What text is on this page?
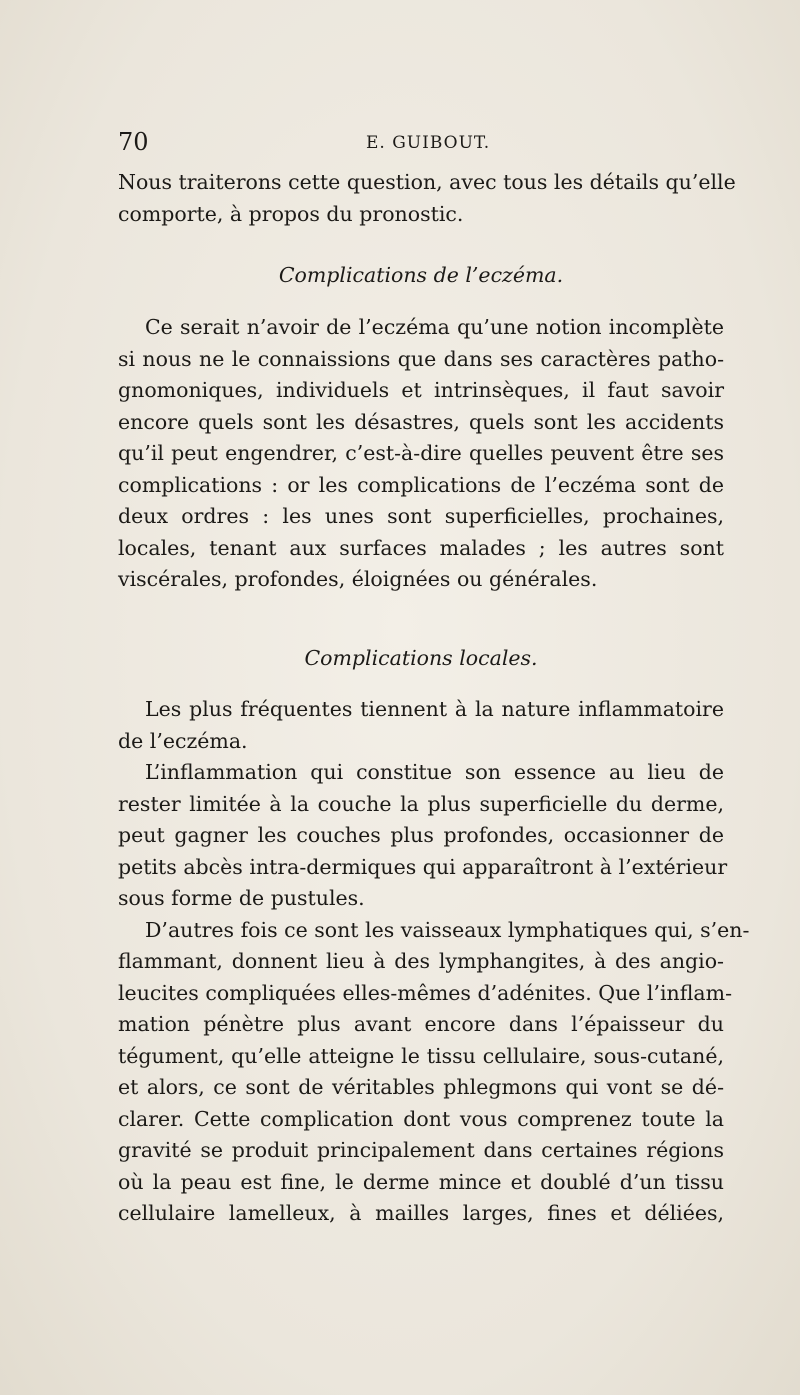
70	E. GUIBOUT.
Nous traiterons cette question, avec tous les détails qu’elle
comporte, à propos du pronostic.
Complications de l’eczéma.
Ce serait n’avoir de l’eczéma qu’une notion incomplète
si nous ne le connaissions que dans ses caractères patho-
gnomoniques, individuels et intrinsèques, il faut savoir
encore quels sont les désastres, quels sont les accidents
qu’il peut engendrer, c’est-à-dire quelles peuvent être ses
complications : or les complications de l’eczéma sont de
deux ordres : les unes sont superficielles, prochaines,
locales, tenant aux surfaces malades ; les autres sont
viscérales, profondes, éloignées ou générales.
Complications locales.
Les plus fréquentes tiennent à la nature inflammatoire
de l’eczéma.
L’inflammation qui constitue son essence au lieu de
rester limitée à la couche la plus superficielle du derme,
peut gagner les couches plus profondes, occasionner de
petits abcès intra-dermiques qui apparaîtront à l’extérieur
sous forme de pustules.
D’autres fois ce sont les vaisseaux lymphatiques qui, s’en-
flammant, donnent lieu à des lymphangites, à des angio-
leucites compliquées elles-mêmes d’adénites. Que l’inflam-
mation pénètre plus avant encore dans l’épaisseur du
tégument, qu’elle atteigne le tissu cellulaire, sous-cutané,
et alors, ce sont de véritables phlegmons qui vont se dé-
clarer. Cette complication dont vous comprenez toute la
gravité se produit principalement dans certaines régions
où la peau est fine, le derme mince et doublé d’un tissu
cellulaire lamelleux, à mailles larges, fines et déliées,
